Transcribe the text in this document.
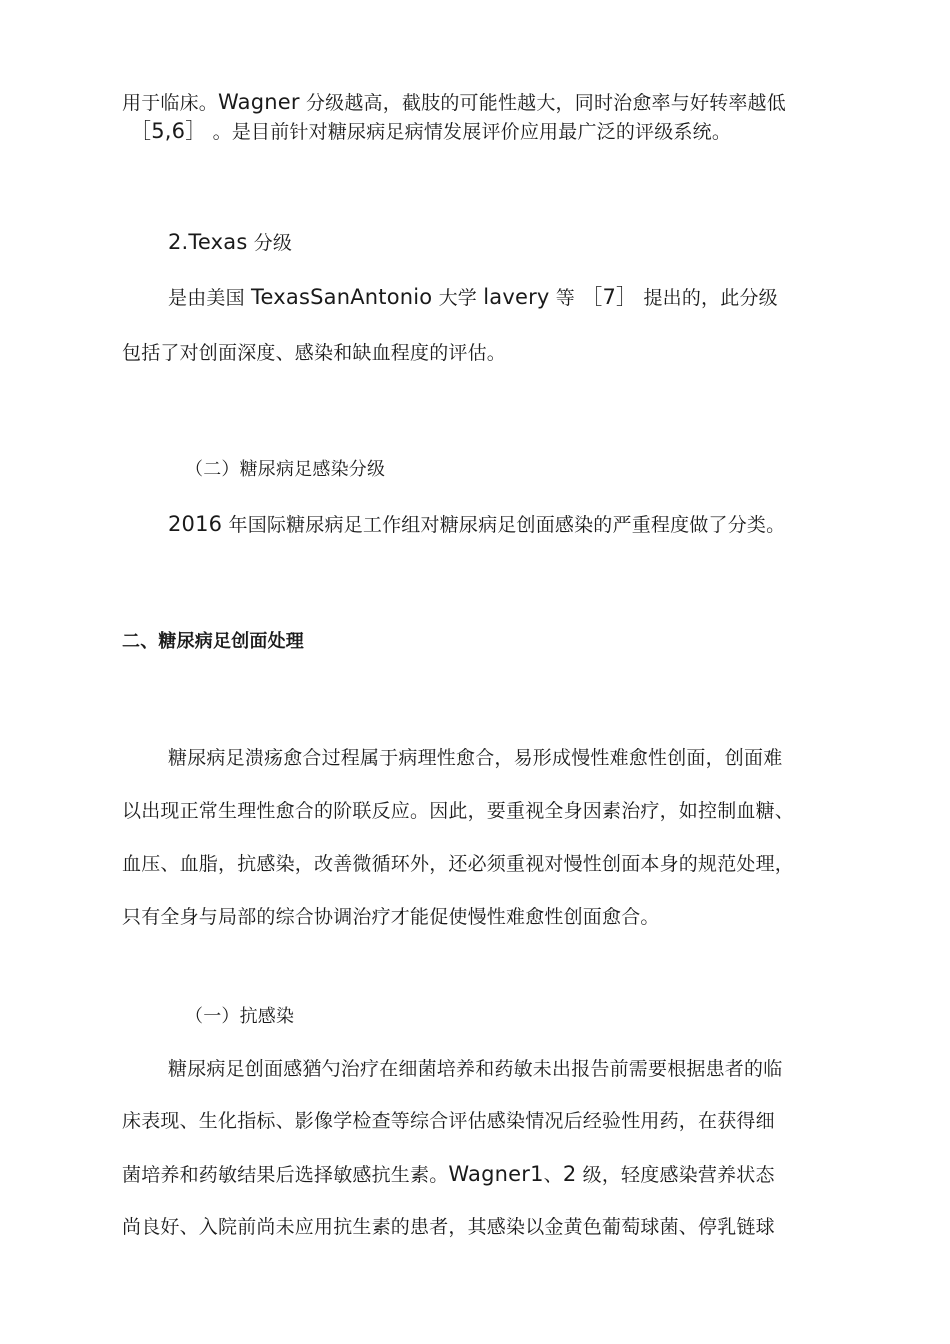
用于临床。Wagner 分级越高，截肢的可能性越大，同时治愈率与好转率越低
［5,6］ 。是目前针对糖尿病足病情发展评价应用最广泛的评级系统。
2.Texas 分级
是由美国 TexasSanAntonio 大学 lavery 等 ［7］ 提出的，此分级
包括了对创面深度、感染和缺血程度的评估。
（二）糖尿病足感染分级
2016 年国际糖尿病足工作组对糖尿病足创面感染的严重程度做了分类。
二、糖尿病足创面处理
糖尿病足溃疡愈合过程属于病理性愈合，易形成慢性难愈性创面，创面难
以出现正常生理性愈合的阶联反应。因此，要重视全身因素治疗，如控制血糖、
血压、血脂，抗感染，改善微循环外，还必须重视对慢性创面本身的规范处理，
只有全身与局部的综合协调治疗才能促使慢性难愈性创面愈合。
（一）抗感染
糖尿病足创面感猶勺治疗在细菌培养和药敏未出报告前需要根据患者的临
床表现、生化指标、影像学检查等综合评估感染情况后经验性用药，在获得细
菌培养和药敏结果后选择敏感抗生素。Wagner1、2 级，轻度感染营养状态
尚良好、入院前尚未应用抗生素的患者，其感染以金黄色葡萄球菌、停乳链球
